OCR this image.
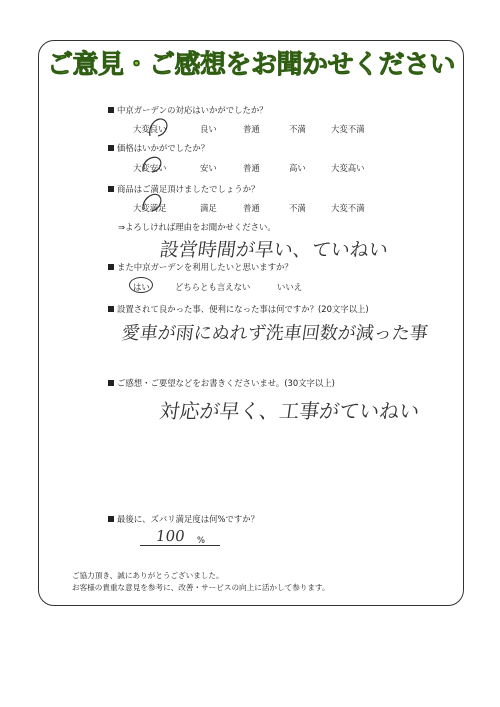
ご意見・ご感想をお聞かせください
中京ガーデンの対応はいかがでしたか？
大変良い	良い	普通	不満	大変不満
価格はいかがでしたか？
大変安い	安い	普通	高い	大変高い
商品はご満足頂けましたでしょうか？
大変満足	満足	普通	不満	大変不満
⇒よろしければ理由をお聞かせください。
設営時間が早い、ていねい
また中京ガーデンを利用したいと思いますか？
はい	どちらとも言えない	いいえ
設置されて良かった事、便利になった事は何ですか？(20文字以上)
愛車が雨にぬれず洗車回数が減った事
ご感想・ご要望などをお書きくださいませ。(30文字以上)
対応が早く、工事がていねい
最後に、ズバリ満足度は何%ですか？
100 %
ご協力頂き、誠にありがとうございました。
お客様の貴重な意見を参考に、改善・サービスの向上に活かして参ります。
